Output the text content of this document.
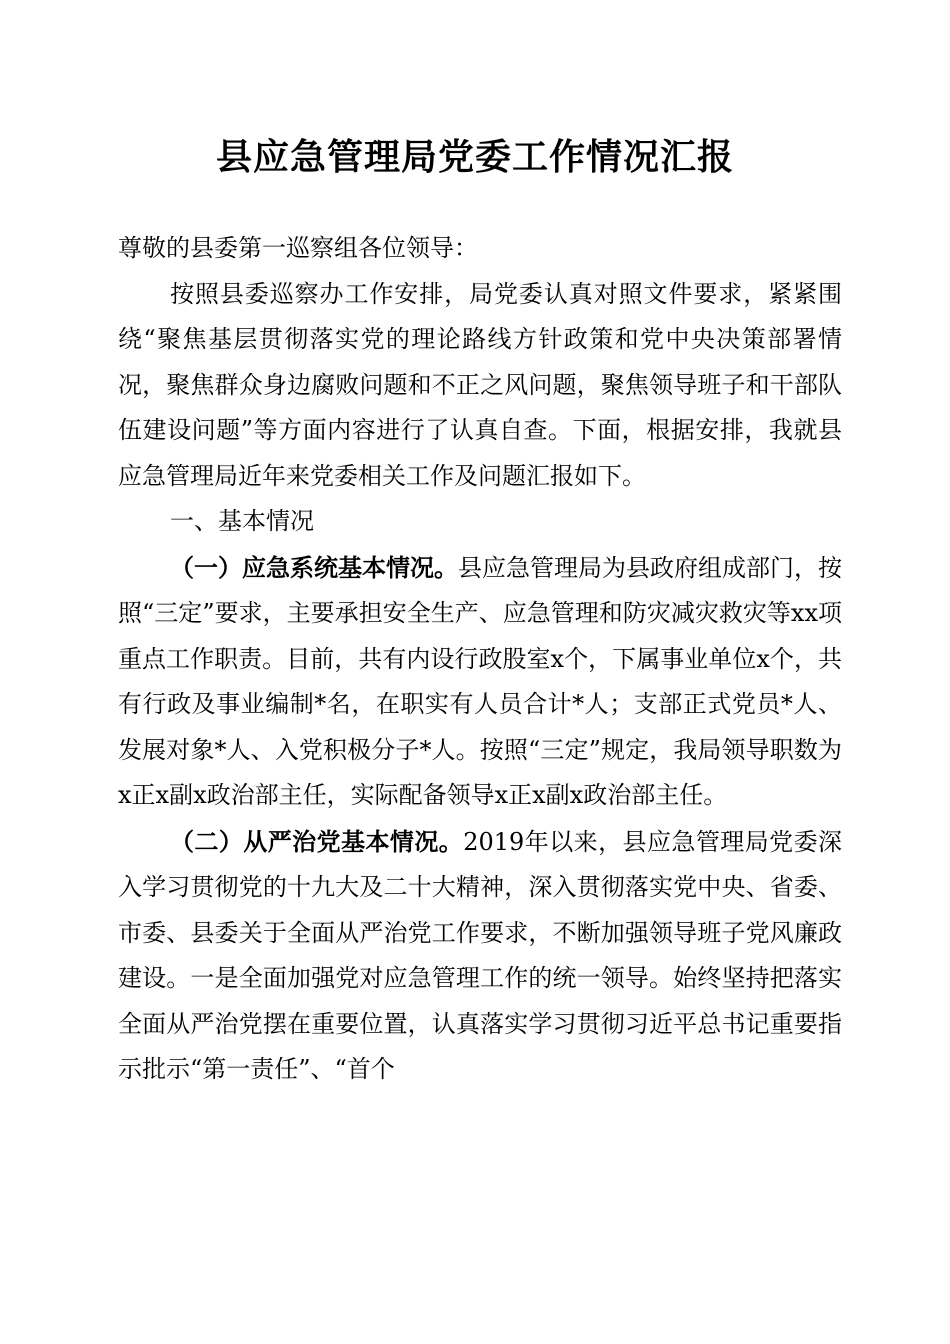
县应急管理局党委工作情况汇报

尊敬的县委第一巡察组各位领导：

按照县委巡察办工作安排，局党委认真对照文件要求，紧紧围绕“聚焦基层贯彻落实党的理论路线方针政策和党中央决策部署情况，聚焦群众身边腐败问题和不正之风问题，聚焦领导班子和干部队伍建设问题”等方面内容进行了认真自查。下面，根据安排，我就县应急管理局近年来党委相关工作及问题汇报如下。

一、基本情况

（一）应急系统基本情况。县应急管理局为县政府组成部门，按照“三定”要求，主要承担安全生产、应急管理和防灾减灾救灾等xx项重点工作职责。目前，共有内设行政股室x个，下属事业单位x个，共有行政及事业编制*名，在职实有人员合计*人；支部正式党员*人、发展对象*人、入党积极分子*人。按照“三定”规定，我局领导职数为x正x副x政治部主任，实际配备领导x正x副x政治部主任。

（二）从严治党基本情况。2019年以来，县应急管理局党委深入学习贯彻党的十九大及二十大精神，深入贯彻落实党中央、省委、市委、县委关于全面从严治党工作要求，不断加强领导班子党风廉政建设。一是全面加强党对应急管理工作的统一领导。始终坚持把落实全面从严治党摆在重要位置，认真落实学习贯彻习近平总书记重要指示批示“第一责任”、“首个
